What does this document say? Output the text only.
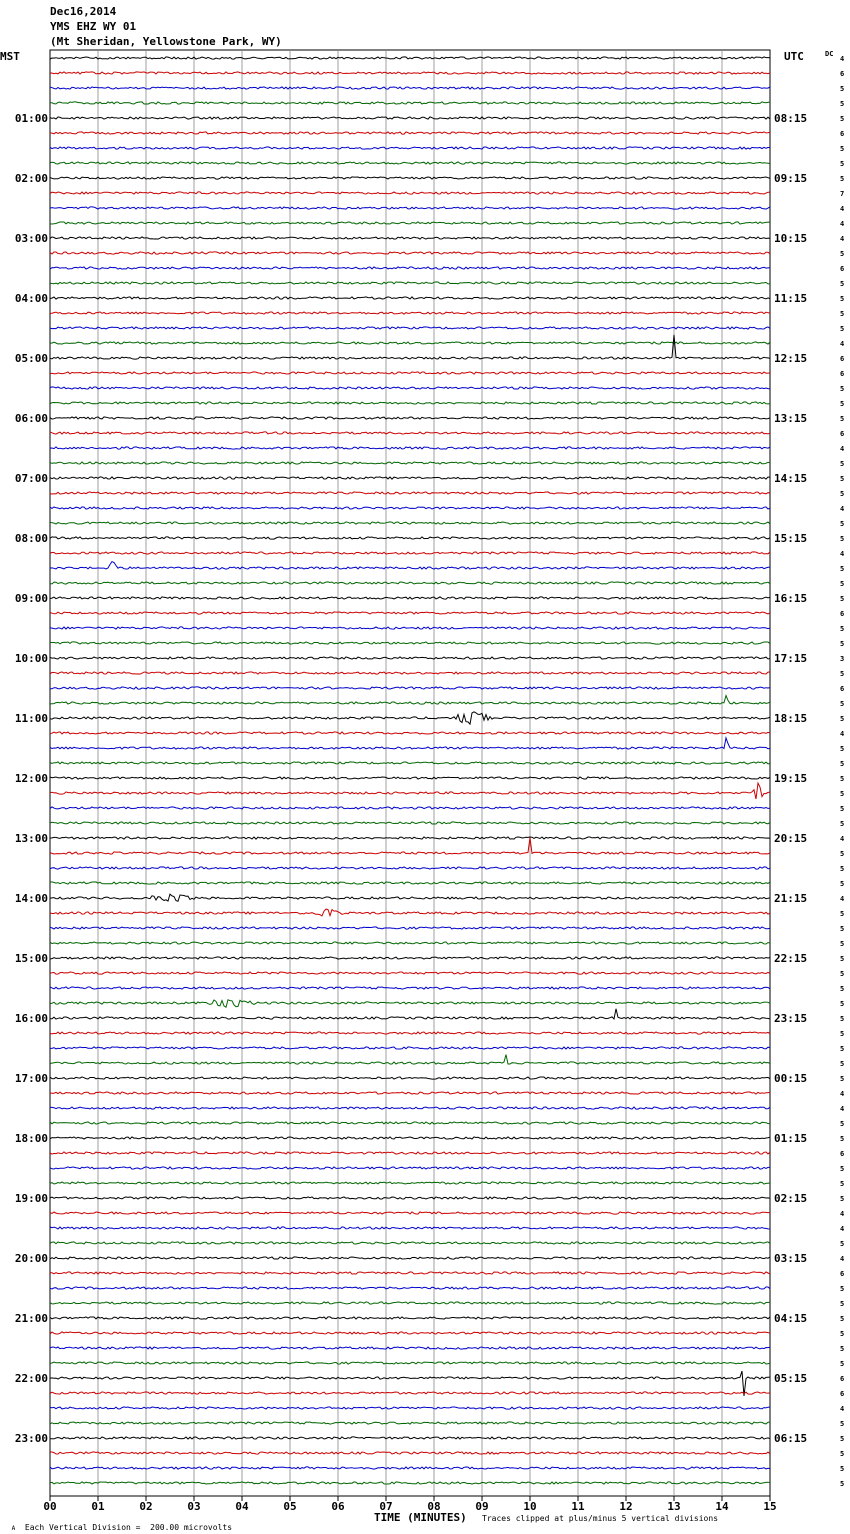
Dec16,2014
YMS EHZ WY 01
(Mt Sheridan, Yellowstone Park, WY)
00	01	02	03	04	05	06	07	08	09	10	11	12	13	14	15
MST	UTC	DC
4
6
5
5
5
6
5
5
5
7
4
4
4
5
6
5
5
5
5
4
6
6
5
5
5
6
4
5
5
5
4
5
5
4
5
5
5
6
5
5
3
5
6
5
5
4
5
5
5
5
5
5
4
5
5
5
4
5
5
5
5
5
5
5
5
5
5
5
5
4
4
5
5
6
5
5
5
4
4
5
4
6
5
5
5
5
5
5
6
6
4
5
5
5
5
5
01:00	08:15
02:00	09:15
03:00	10:15
04:00	11:15
05:00	12:15
06:00	13:15
07:00	14:15
08:00	15:15
09:00	16:15
10:00	17:15
11:00	18:15
12:00	19:15
13:00	20:15
14:00	21:15
15:00	22:15
16:00	23:15
17:00	00:15
18:00	01:15
19:00	02:15
20:00	03:15
21:00	04:15
22:00	05:15
23:00	06:15

A Each Vertical Division =  200.00 microvolts

TIME (MINUTES) Traces clipped at plus/minus 5 vertical divisions
